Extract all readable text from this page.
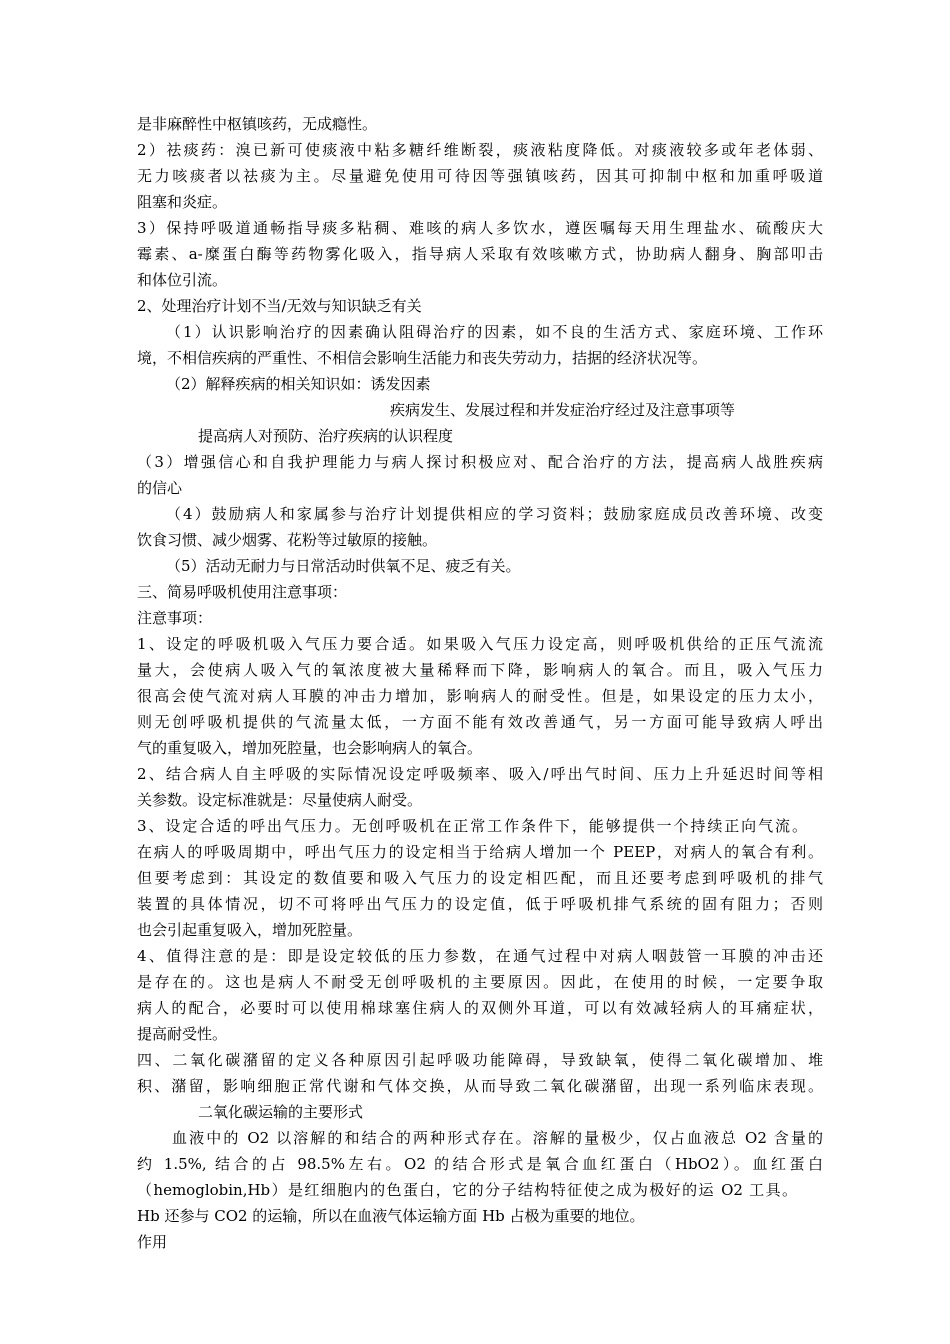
是非麻醉性中枢镇咳药，无成瘾性。
2）祛痰药：溴已新可使痰液中粘多糖纤维断裂，痰液粘度降低。对痰液较多或年老体弱、
无力咳痰者以祛痰为主。尽量避免使用可待因等强镇咳药，因其可抑制中枢和加重呼吸道
阻塞和炎症。
3）保持呼吸道通畅指导痰多粘稠、难咳的病人多饮水，遵医嘱每天用生理盐水、硫酸庆大
霉素、a-糜蛋白酶等药物雾化吸入，指导病人采取有效咳嗽方式，协助病人翻身、胸部叩击
和体位引流。
2、处理治疗计划不当/无效与知识缺乏有关
（1）认识影响治疗的因素确认阻碍治疗的因素，如不良的生活方式、家庭环境、工作环
境，不相信疾病的严重性、不相信会影响生活能力和丧失劳动力，拮据的经济状况等。
（2）解释疾病的相关知识如：诱发因素
疾病发生、发展过程和并发症治疗经过及注意事项等
提高病人对预防、治疗疾病的认识程度
（3）增强信心和自我护理能力与病人探讨积极应对、配合治疗的方法，提高病人战胜疾病
的信心
（4）鼓励病人和家属参与治疗计划提供相应的学习资料；鼓励家庭成员改善环境、改变
饮食习惯、减少烟雾、花粉等过敏原的接触。
（5）活动无耐力与日常活动时供氧不足、疲乏有关。
三、简易呼吸机使用注意事项：
注意事项：
1、设定的呼吸机吸入气压力要合适。如果吸入气压力设定高，则呼吸机供给的正压气流流
量大，会使病人吸入气的氧浓度被大量稀释而下降，影响病人的氧合。而且，吸入气压力
很高会使气流对病人耳膜的冲击力增加，影响病人的耐受性。但是，如果设定的压力太小，
则无创呼吸机提供的气流量太低，一方面不能有效改善通气，另一方面可能导致病人呼出
气的重复吸入，增加死腔量，也会影响病人的氧合。
2、结合病人自主呼吸的实际情况设定呼吸频率、吸入/呼出气时间、压力上升延迟时间等相
关参数。设定标准就是：尽量使病人耐受。
3、设定合适的呼出气压力。无创呼吸机在正常工作条件下，能够提供一个持续正向气流。
在病人的呼吸周期中，呼出气压力的设定相当于给病人增加一个 PEEP，对病人的氧合有利。
但要考虑到：其设定的数值要和吸入气压力的设定相匹配，而且还要考虑到呼吸机的排气
装置的具体情况，切不可将呼出气压力的设定值，低于呼吸机排气系统的固有阻力；否则
也会引起重复吸入，增加死腔量。
4、值得注意的是：即是设定较低的压力参数，在通气过程中对病人咽鼓管一耳膜的冲击还
是存在的。这也是病人不耐受无创呼吸机的主要原因。因此，在使用的时候，一定要争取
病人的配合，必要时可以使用棉球塞住病人的双侧外耳道，可以有效减轻病人的耳痛症状，
提高耐受性。
四、二氧化碳潴留的定义各种原因引起呼吸功能障碍，导致缺氧，使得二氧化碳增加、堆
积、潴留，影响细胞正常代谢和气体交换，从而导致二氧化碳潴留，出现一系列临床表现。
二氧化碳运输的主要形式
血液中的 O2 以溶解的和结合的两种形式存在。溶解的量极少，仅占血液总 O2 含量的
约 1.5%, 结合的占 98.5%左右。O2 的结合形式是氧合血红蛋白（HbO2）。血红蛋白
（hemoglobin,Hb）是红细胞内的色蛋白，它的分子结构特征使之成为极好的运 O2 工具。
Hb 还参与 CO2 的运输，所以在血液气体运输方面 Hb 占极为重要的地位。
作用
